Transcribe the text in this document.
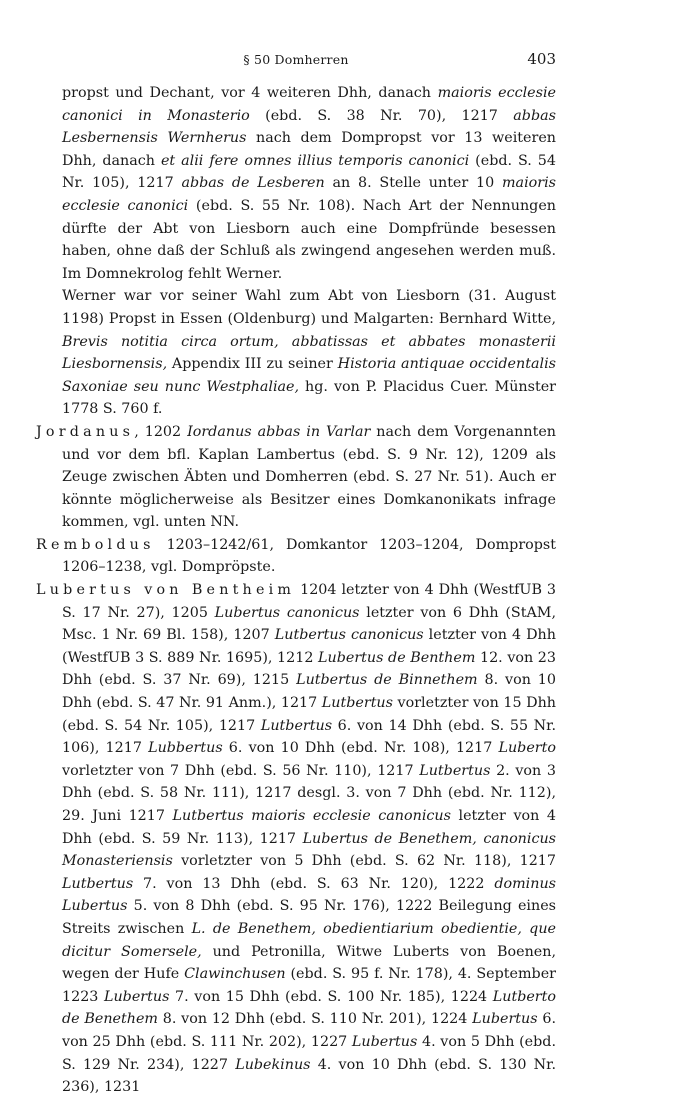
§ 50 Domherren	403

propst und Dechant, vor 4 weiteren Dhh, danach maioris ecclesie canonici in Monasterio (ebd. S. 38 Nr. 70), 1217 abbas Lesbernensis Wernherus nach dem Dompropst vor 13 weiteren Dhh, danach et alii fere omnes illius temporis canonici (ebd. S. 54 Nr. 105), 1217 abbas de Lesberen an 8. Stelle unter 10 maioris ecclesie canonici (ebd. S. 55 Nr. 108). Nach Art der Nennungen dürfte der Abt von Liesborn auch eine Dompfründe besessen haben, ohne daß der Schluß als zwingend angesehen werden muß. Im Domnekrolog fehlt Werner.

Werner war vor seiner Wahl zum Abt von Liesborn (31. August 1198) Propst in Essen (Oldenburg) und Malgarten: Bernhard Witte, Brevis notitia circa ortum, abbatissas et abbates monasterii Liesbornensis, Appendix III zu seiner Historia antiquae occidentalis Saxoniae seu nunc Westphaliae, hg. von P. Placidus Cuer. Münster 1778 S. 760 f.

Jordanus, 1202 Iordanus abbas in Varlar nach dem Vorgenannten und vor dem bfl. Kaplan Lambertus (ebd. S. 9 Nr. 12), 1209 als Zeuge zwischen Äbten und Domherren (ebd. S. 27 Nr. 51). Auch er könnte möglicherweise als Besitzer eines Domkanonikats infrage kommen, vgl. unten NN.

Remboldus 1203–1242/61, Domkantor 1203–1204, Dompropst 1206–1238, vgl. Dompröpste.

Lubertus von Bentheim 1204 letzter von 4 Dhh (WestfUB 3 S. 17 Nr. 27), 1205 Lubertus canonicus letzter von 6 Dhh (StAM, Msc. 1 Nr. 69 Bl. 158), 1207 Lutbertus canonicus letzter von 4 Dhh (WestfUB 3 S. 889 Nr. 1695), 1212 Lubertus de Benthem 12. von 23 Dhh (ebd. S. 37 Nr. 69), 1215 Lutbertus de Binnethem 8. von 10 Dhh (ebd. S. 47 Nr. 91 Anm.), 1217 Lutbertus vorletzter von 15 Dhh (ebd. S. 54 Nr. 105), 1217 Lutbertus 6. von 14 Dhh (ebd. S. 55 Nr. 106), 1217 Lubbertus 6. von 10 Dhh (ebd. Nr. 108), 1217 Luberto vorletzter von 7 Dhh (ebd. S. 56 Nr. 110), 1217 Lutbertus 2. von 3 Dhh (ebd. S. 58 Nr. 111), 1217 desgl. 3. von 7 Dhh (ebd. Nr. 112), 29. Juni 1217 Lutbertus maioris ecclesie canonicus letzter von 4 Dhh (ebd. S. 59 Nr. 113), 1217 Lubertus de Benethem, canonicus Monasteriensis vorletzter von 5 Dhh (ebd. S. 62 Nr. 118), 1217 Lutbertus 7. von 13 Dhh (ebd. S. 63 Nr. 120), 1222 dominus Lubertus 5. von 8 Dhh (ebd. S. 95 Nr. 176), 1222 Beilegung eines Streits zwischen L. de Benethem, obedientiarium obedientie, que dicitur Somersele, und Petronilla, Witwe Luberts von Boenen, wegen der Hufe Clawinchusen (ebd. S. 95 f. Nr. 178), 4. September 1223 Lubertus 7. von 15 Dhh (ebd. S. 100 Nr. 185), 1224 Lutberto de Benethem 8. von 12 Dhh (ebd. S. 110 Nr. 201), 1224 Lubertus 6. von 25 Dhh (ebd. S. 111 Nr. 202), 1227 Lubertus 4. von 5 Dhh (ebd. S. 129 Nr. 234), 1227 Lubekinus 4. von 10 Dhh (ebd. S. 130 Nr. 236), 1231
